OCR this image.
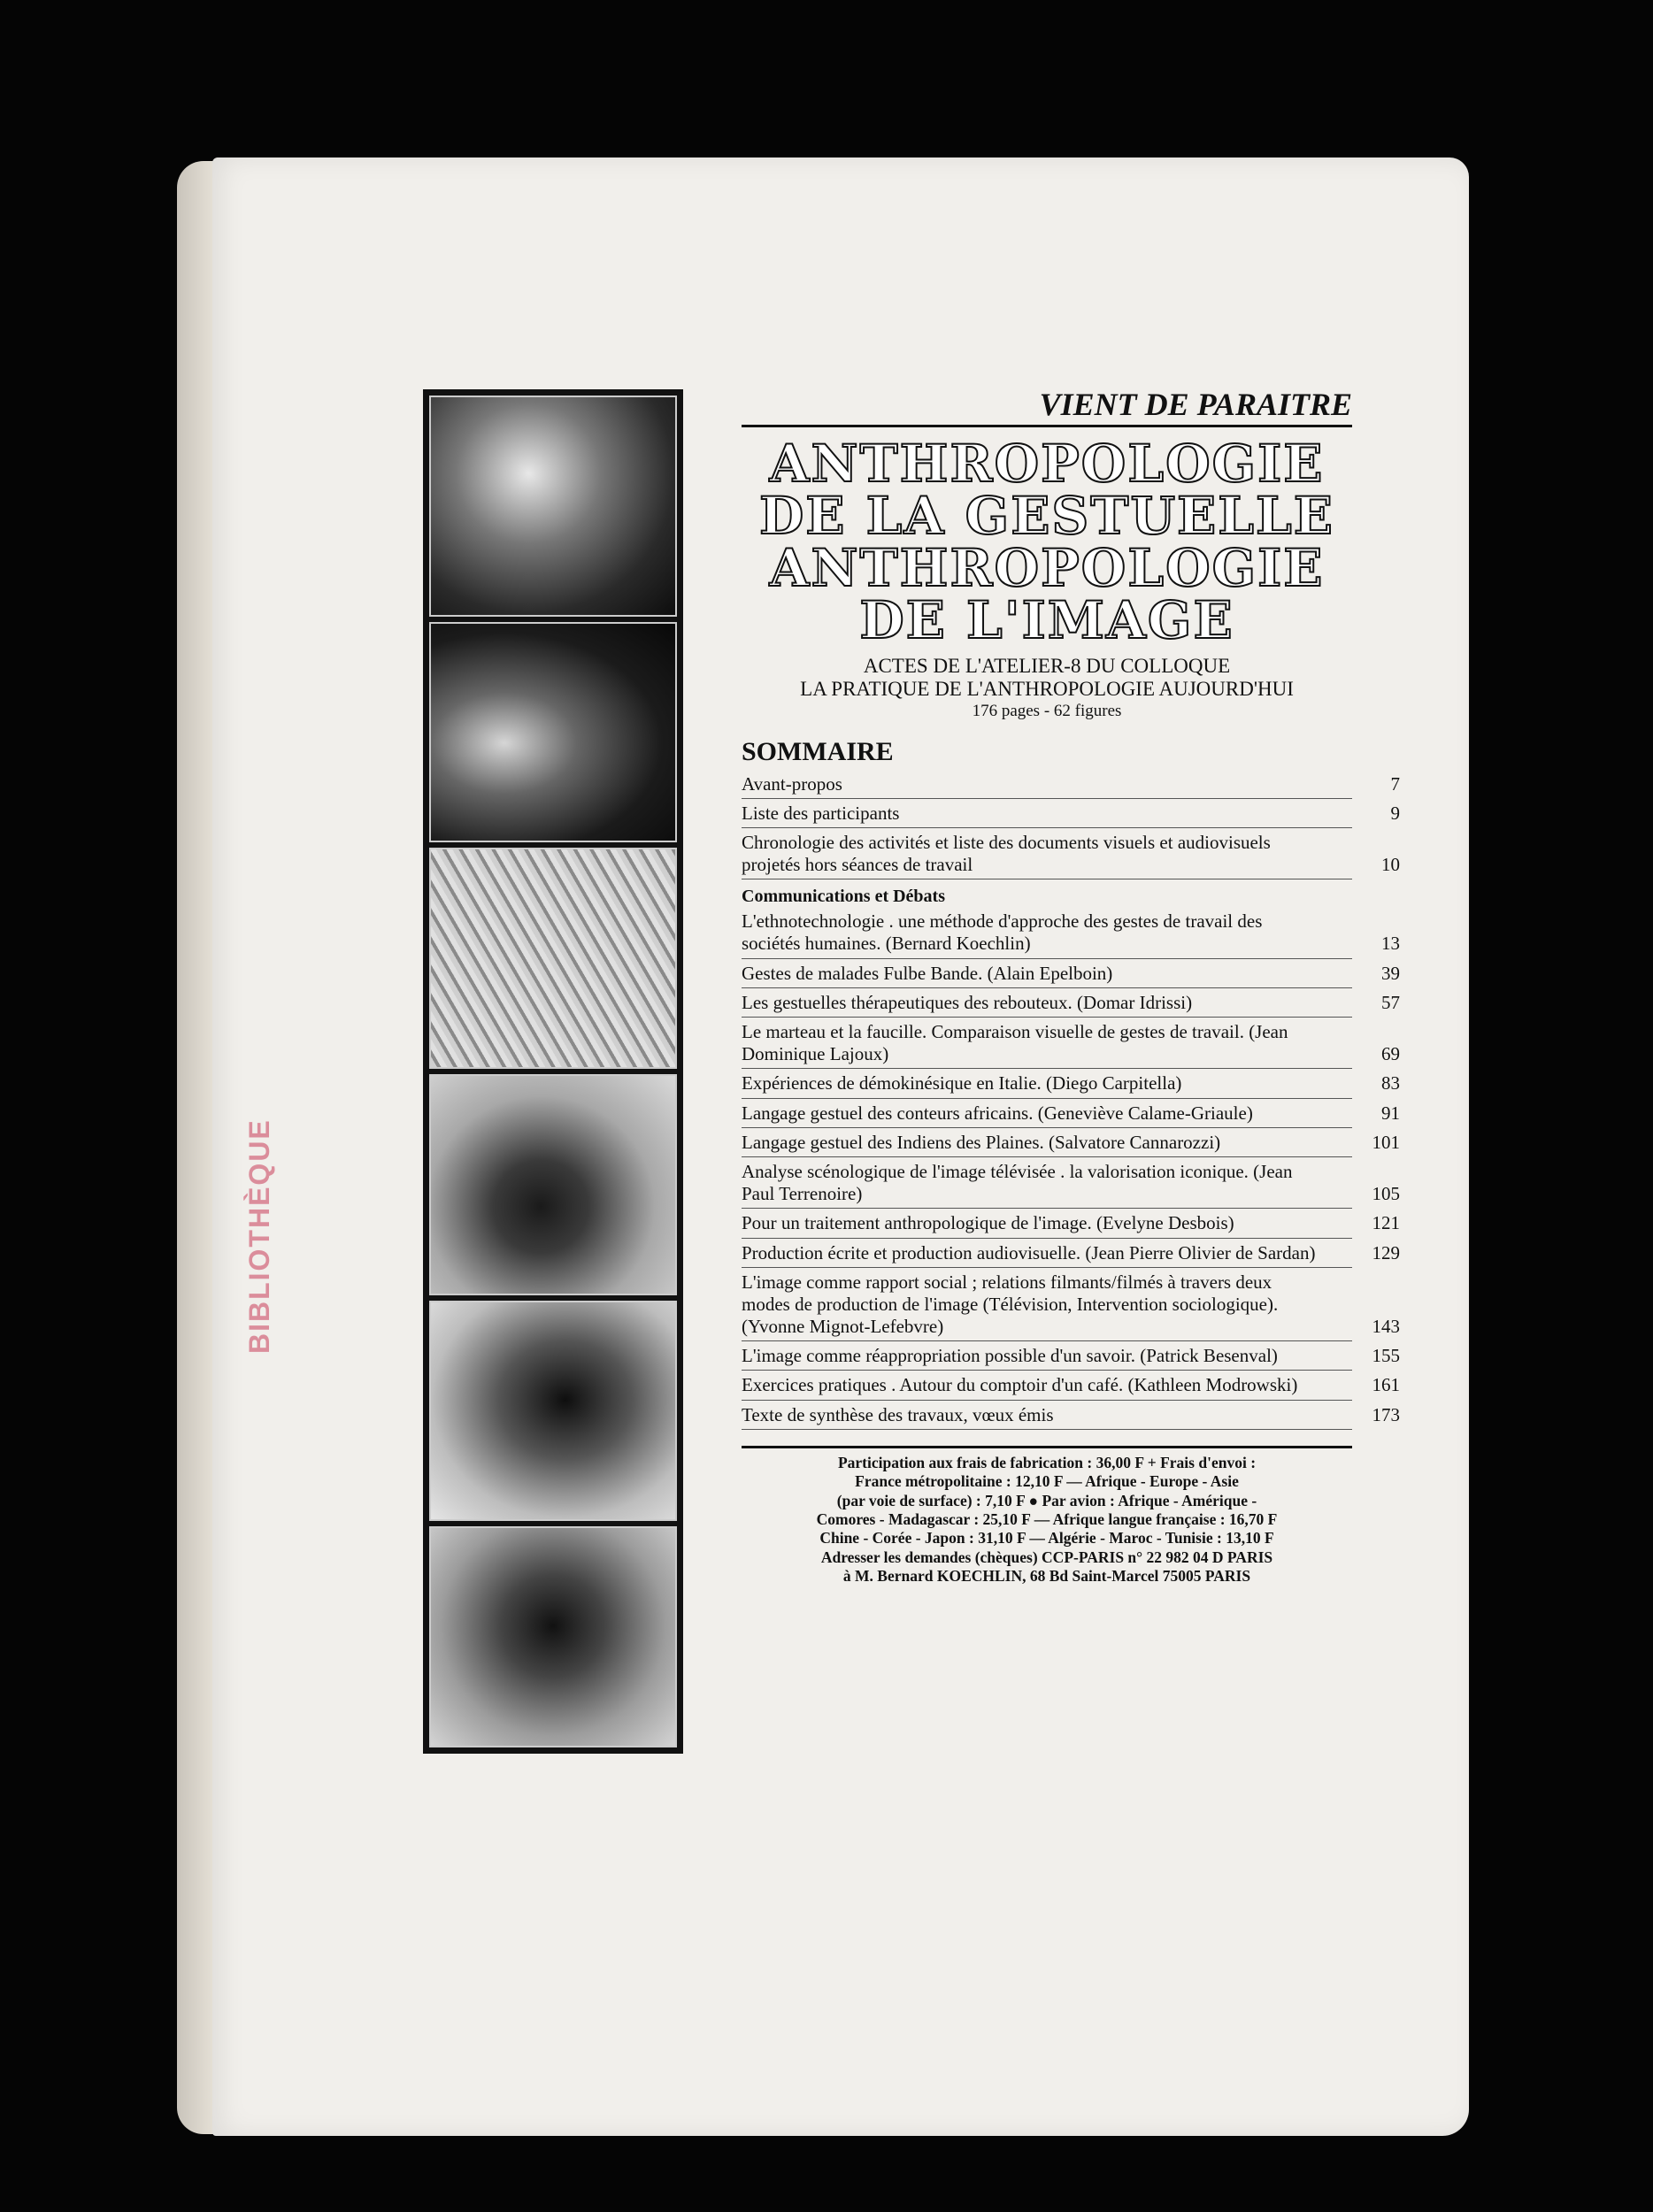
BIBLIOTHÈQUE
VIENT DE PARAITRE
ANTHROPOLOGIE
DE LA GESTUELLE
ANTHROPOLOGIE
DE L'IMAGE
ACTES DE L'ATELIER-8 DU COLLOQUE
LA PRATIQUE DE L'ANTHROPOLOGIE AUJOURD'HUI
176 pages - 62 figures
SOMMAIRE
Avant-propos	7
Liste des participants	9
Chronologie des activités et liste des documents visuels et audiovisuels projetés hors séances de travail	10
Communications et Débats
L'ethnotechnologie . une méthode d'approche des gestes de travail des sociétés humaines. (Bernard Koechlin)	13
Gestes de malades Fulbe Bande. (Alain Epelboin)	39
Les gestuelles thérapeutiques des rebouteux. (Domar Idrissi)	57
Le marteau et la faucille. Comparaison visuelle de gestes de travail. (Jean Dominique Lajoux)	69
Expériences de démokinésique en Italie. (Diego Carpitella)	83
Langage gestuel des conteurs africains. (Geneviève Calame-Griaule)	91
Langage gestuel des Indiens des Plaines. (Salvatore Cannarozzi)	101
Analyse scénologique de l'image télévisée . la valorisation iconique. (Jean Paul Terrenoire)	105
Pour un traitement anthropologique de l'image. (Evelyne Desbois)	121
Production écrite et production audiovisuelle. (Jean Pierre Olivier de Sardan)	129
L'image comme rapport social ; relations filmants/filmés à travers deux modes de production de l'image (Télévision, Intervention sociologique). (Yvonne Mignot-Lefebvre)	143
L'image comme réappropriation possible d'un savoir. (Patrick Besenval)	155
Exercices pratiques . Autour du comptoir d'un café. (Kathleen Modrowski)	161
Texte de synthèse des travaux, vœux émis	173
Participation aux frais de fabrication : 36,00 F + Frais d'envoi :
France métropolitaine : 12,10 F — Afrique - Europe - Asie
(par voie de surface) : 7,10 F ● Par avion : Afrique - Amérique -
Comores - Madagascar : 25,10 F — Afrique langue française : 16,70 F
Chine - Corée - Japon : 31,10 F — Algérie - Maroc - Tunisie : 13,10 F
Adresser les demandes (chèques) CCP-PARIS n° 22 982 04 D PARIS
à M. Bernard KOECHLIN, 68 Bd Saint-Marcel 75005 PARIS
